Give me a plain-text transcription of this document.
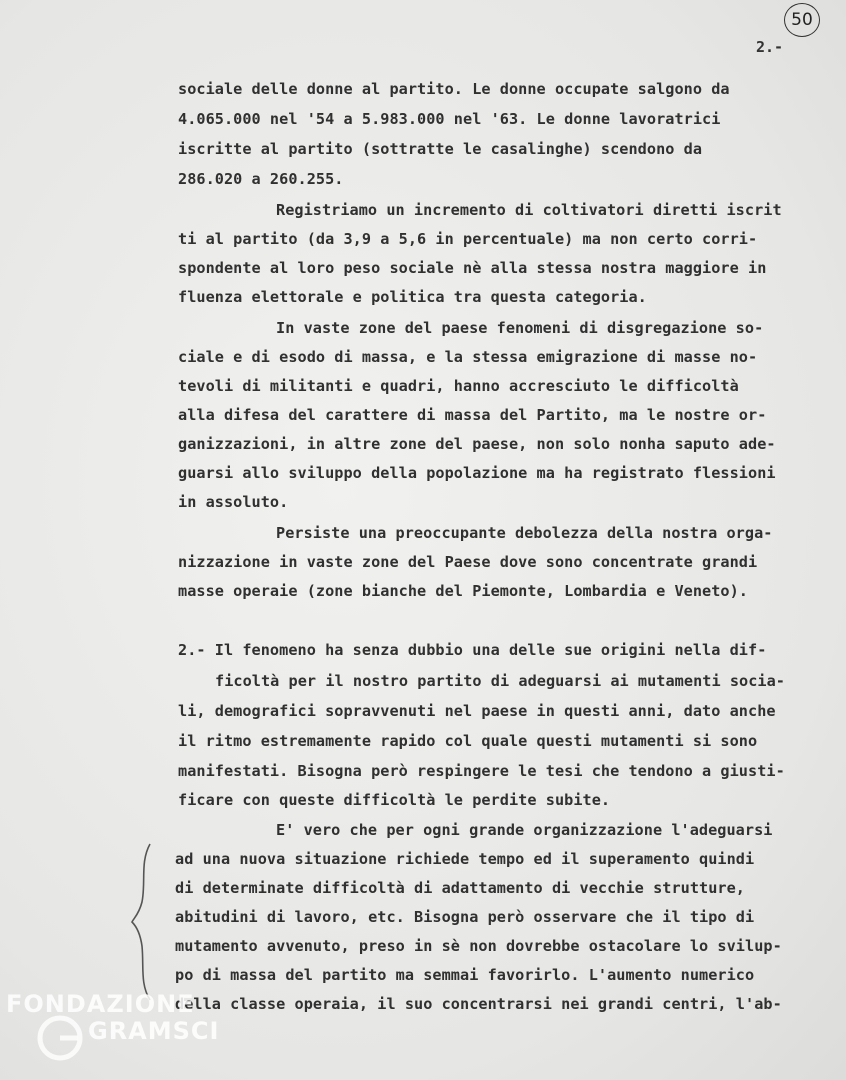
50
2.-
sociale delle donne al partito. Le donne occupate salgono da
4.065.000 nel '54 a 5.983.000 nel '63. Le donne lavoratrici
iscritte al partito (sottratte le casalinghe) scendono da
286.020 a 260.255.
Registriamo un incremento di coltivatori diretti iscrit
ti al partito (da 3,9 a 5,6 in percentuale) ma non certo corri-
spondente al loro peso sociale nè alla stessa nostra maggiore in
fluenza elettorale e politica tra questa categoria.
In vaste zone del paese fenomeni di disgregazione so-
ciale e di esodo di massa, e la stessa emigrazione di masse no-
tevoli di militanti e quadri, hanno accresciuto le difficoltà
alla difesa del carattere di massa del Partito, ma le nostre or-
ganizzazioni, in altre zone del paese, non solo nonha saputo ade-
guarsi allo sviluppo della popolazione ma ha registrato flessioni
in assoluto.
Persiste una preoccupante debolezza della nostra orga-
nizzazione in vaste zone del Paese dove sono concentrate grandi
masse operaie (zone bianche del Piemonte, Lombardia e Veneto).
2.- Il fenomeno ha senza dubbio una delle sue origini nella dif-
ficoltà per il nostro partito di adeguarsi ai mutamenti socia-
li, demografici sopravvenuti nel paese in questi anni, dato anche
il ritmo estremamente rapido col quale questi mutamenti si sono
manifestati. Bisogna però respingere le tesi che tendono a giusti-
ficare con queste difficoltà le perdite subite.
E' vero che per ogni grande organizzazione l'adeguarsi
ad una nuova situazione richiede tempo ed il superamento quindi
di determinate difficoltà di adattamento di vecchie strutture,
abitudini di lavoro, etc. Bisogna però osservare che il tipo di
mutamento avvenuto, preso in sè non dovrebbe ostacolare lo svilup-
po di massa del partito ma semmai favorirlo. L'aumento numerico
della classe operaia, il suo concentrarsi nei grandi centri, l'ab-
FONDAZIONE
GRAMSCI
